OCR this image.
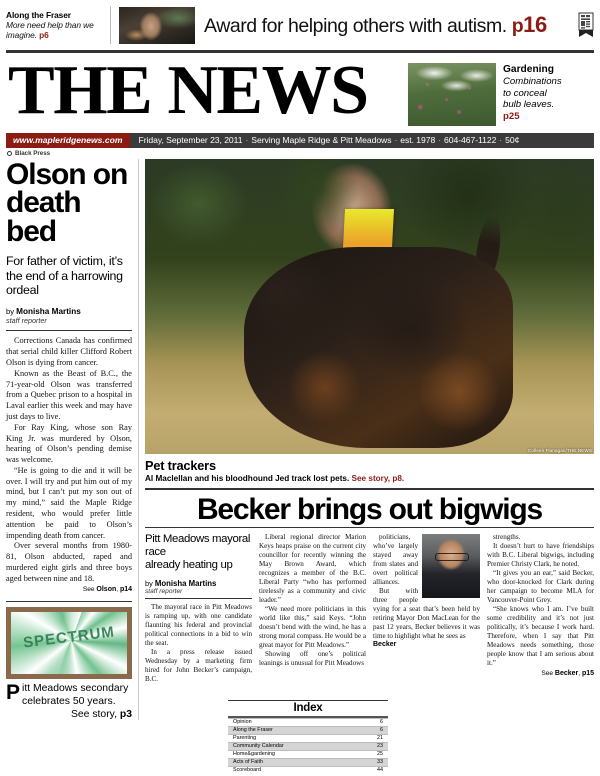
Along the Fraser
More need help than we imagine. p6	Award for helping others with autism. p16
THE NEWS	Gardening
Combinations
to conceal
bulb leaves.
p25
www.mapleridgenews.com	Friday, September 23, 2011 · Serving Maple Ridge & Pitt Meadows · est. 1978 · 604-467-1122 · 50¢
Black Press
Olson on
death bed
For father of victim, it’s the end of a harrowing ordeal
by Monisha Martins
staff reporter

Corrections Canada has confirmed that serial child killer Clifford Robert Olson is dying from cancer.

Known as the Beast of B.C., the 71-year-old Olson was transferred from a Quebec prison to a hospital in Laval earlier this week and may have just days to live.

For Ray King, whose son Ray King Jr. was murdered by Olson, hearing of Olson’s pending demise was welcome.

“He is going to die and it will be over. I will try and put him out of my mind, but I can’t put my son out of my mind,” said the Maple Ridge resident, who would prefer little attention be paid to Olson’s impending death from cancer.

Over several months from 1980-81, Olson abducted, raped and murdered eight girls and three boys aged between nine and 18.

See Olson, p14
SPECTRUM
P itt Meadows secondary
celebrates 50 years.
See story, p3
Colleen Flanagan/THE NEWS
Pet trackers
Al Maclellan and his bloodhound Jed track lost pets. See story, p8.
Becker brings out bigwigs
Pitt Meadows mayoral race
already heating up
by Monisha Martins
staff reporter

The mayoral race in Pitt Meadows is ramping up, with one candidate flaunting his federal and provincial political connections in a bid to win the seat.

In a press release issued Wednesday by a marketing firm hired for John Becker’s campaign, B.C.

Liberal regional director Marion Keys heaps praise on the current city councillor for recently winning the May Brown Award, which recognizes a member of the B.C. Liberal Party “who has performed tirelessly as a community and civic leader.”

“We need more politicians in this world like this,” said Keys. “John doesn’t bend with the wind, he has a strong moral compass. He would be a great mayor for Pitt Meadows.”

Showing off one’s political leanings is unusual for Pitt Meadows

politicians, who’ve largely stayed away from slates and overt political alliances.

But with three people vying for a seat that’s been held by retiring Mayor Don MacLean for the past 12 years, Becker believes it was time to highlight what he sees as

Becker

strengths.

It doesn’t hurt to have friendships with B.C. Liberal bigwigs, including Premier Christy Clark, he noted.

“It gives you an ear,” said Becker, who door-knocked for Clark during her campaign to become MLA for Vancouver-Point Grey.

“She knows who I am. I’ve built some credibility and it’s not just politically, it’s because I work hard. Therefore, when I say that Pitt Meadows needs something, those people know that I am serious about it.”

See Becker, p15
Index
Opinion	6
Along the Fraser	6
Parenting	21
Community Calendar	23
Home&gardening	25
Acts of Faith	33
Scoreboard	44
